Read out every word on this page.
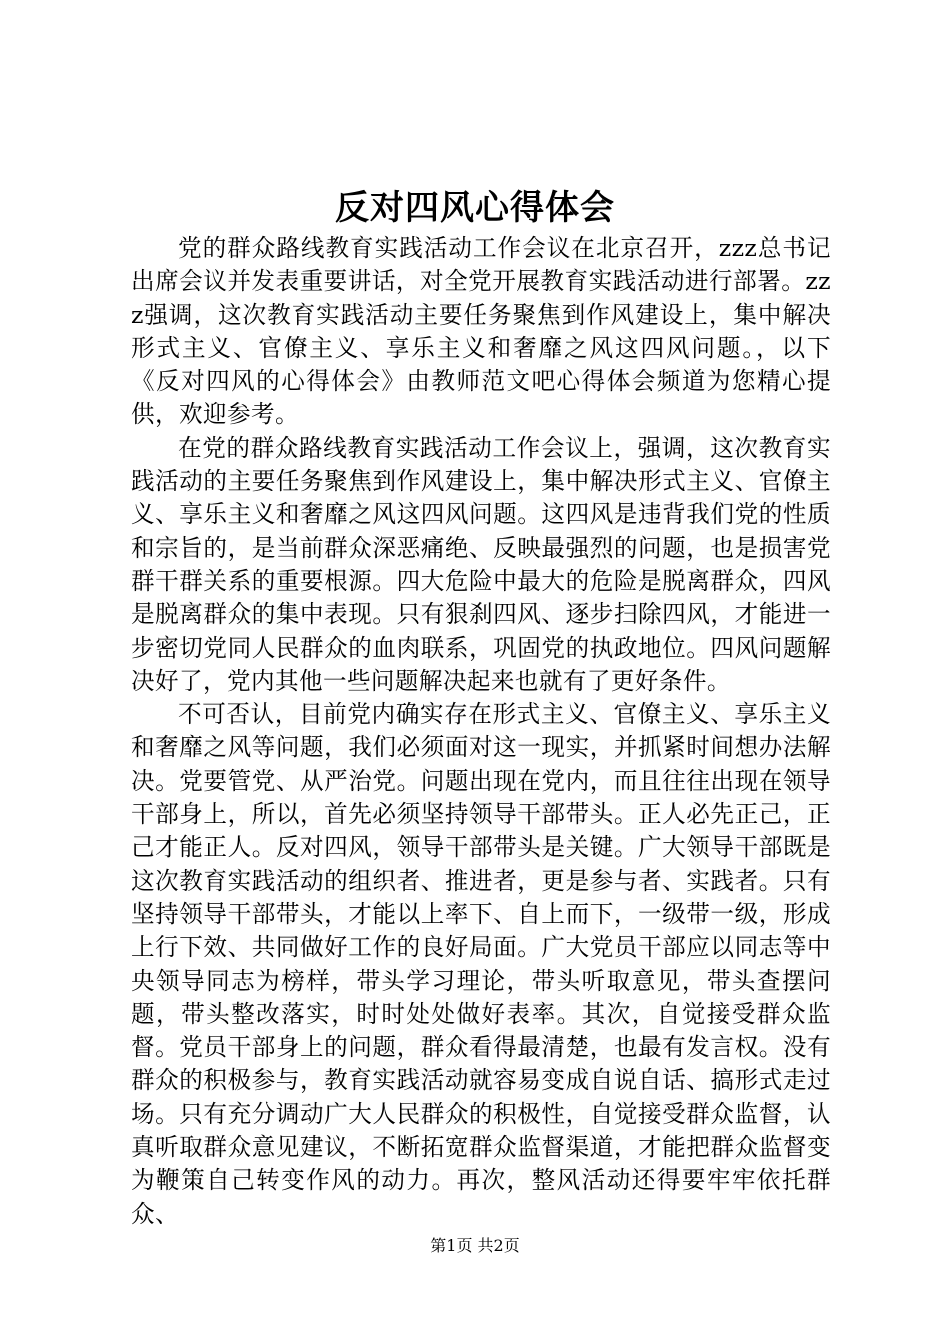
反对四风心得体会

党的群众路线教育实践活动工作会议在北京召开，zzz总书记出席会议并发表重要讲话，对全党开展教育实践活动进行部署。zzz强调，这次教育实践活动主要任务聚焦到作风建设上，集中解决形式主义、官僚主义、享乐主义和奢靡之风这四风问题。，以下《反对四风的心得体会》由教师范文吧心得体会频道为您精心提供，欢迎参考。

在党的群众路线教育实践活动工作会议上，强调，这次教育实践活动的主要任务聚焦到作风建设上，集中解决形式主义、官僚主义、享乐主义和奢靡之风这四风问题。这四风是违背我们党的性质和宗旨的，是当前群众深恶痛绝、反映最强烈的问题，也是损害党群干群关系的重要根源。四大危险中最大的危险是脱离群众，四风是脱离群众的集中表现。只有狠刹四风、逐步扫除四风，才能进一步密切党同人民群众的血肉联系，巩固党的执政地位。四风问题解决好了，党内其他一些问题解决起来也就有了更好条件。

不可否认，目前党内确实存在形式主义、官僚主义、享乐主义和奢靡之风等问题，我们必须面对这一现实，并抓紧时间想办法解决。党要管党、从严治党。问题出现在党内，而且往往出现在领导干部身上，所以，首先必须坚持领导干部带头。正人必先正己，正己才能正人。反对四风，领导干部带头是关键。广大领导干部既是这次教育实践活动的组织者、推进者，更是参与者、实践者。只有坚持领导干部带头，才能以上率下、自上而下，一级带一级，形成上行下效、共同做好工作的良好局面。广大党员干部应以同志等中央领导同志为榜样，带头学习理论，带头听取意见，带头查摆问题，带头整改落实，时时处处做好表率。其次，自觉接受群众监督。党员干部身上的问题，群众看得最清楚，也最有发言权。没有群众的积极参与，教育实践活动就容易变成自说自话、搞形式走过场。只有充分调动广大人民群众的积极性，自觉接受群众监督，认真听取群众意见建议，不断拓宽群众监督渠道，才能把群众监督变为鞭策自己转变作风的动力。再次，整风活动还得要牢牢依托群众、

第1页 共2页
